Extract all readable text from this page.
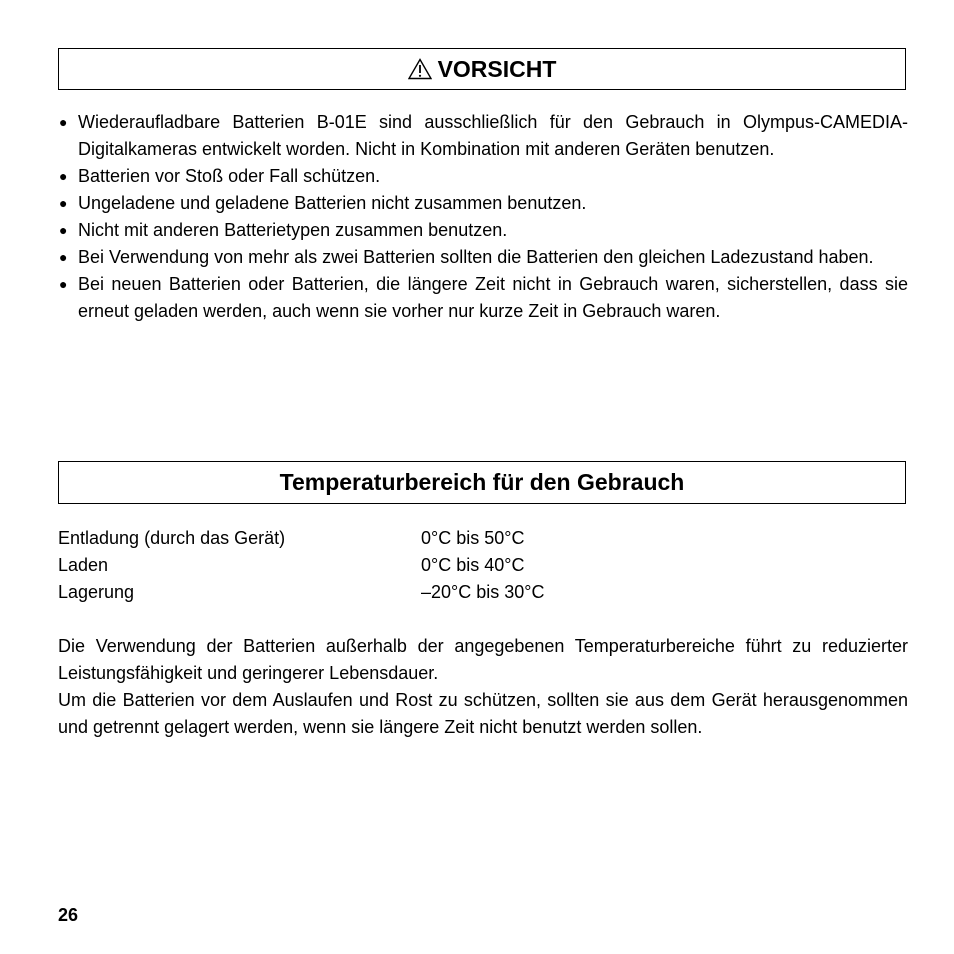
VORSICHT
● Wiederaufladbare Batterien B-01E sind ausschließlich für den Gebrauch in Olympus-CAMEDIA-Digitalkameras entwickelt worden. Nicht in Kombination mit anderen Geräten benutzen.
● Batterien vor Stoß oder Fall schützen.
● Ungeladene und geladene Batterien nicht zusammen benutzen.
● Nicht mit anderen Batterietypen zusammen benutzen.
● Bei Verwendung von mehr als zwei Batterien sollten die Batterien den gleichen Ladezustand haben.
● Bei neuen Batterien oder Batterien, die längere Zeit nicht in Gebrauch waren, sicherstellen, dass sie erneut geladen werden, auch wenn sie vorher nur kurze Zeit in Gebrauch waren.
Temperaturbereich für den Gebrauch
Entladung (durch das Gerät)	0°C bis 50°C
Laden	0°C bis 40°C
Lagerung	–20°C bis 30°C

Die Verwendung der Batterien außerhalb der angegebenen Temperaturbereiche führt zu reduzierter Leistungsfähigkeit und geringerer Lebensdauer.

Um die Batterien vor dem Auslaufen und Rost zu schützen, sollten sie aus dem Gerät herausgenommen und getrennt gelagert werden, wenn sie längere Zeit nicht benutzt werden sollen.

26
